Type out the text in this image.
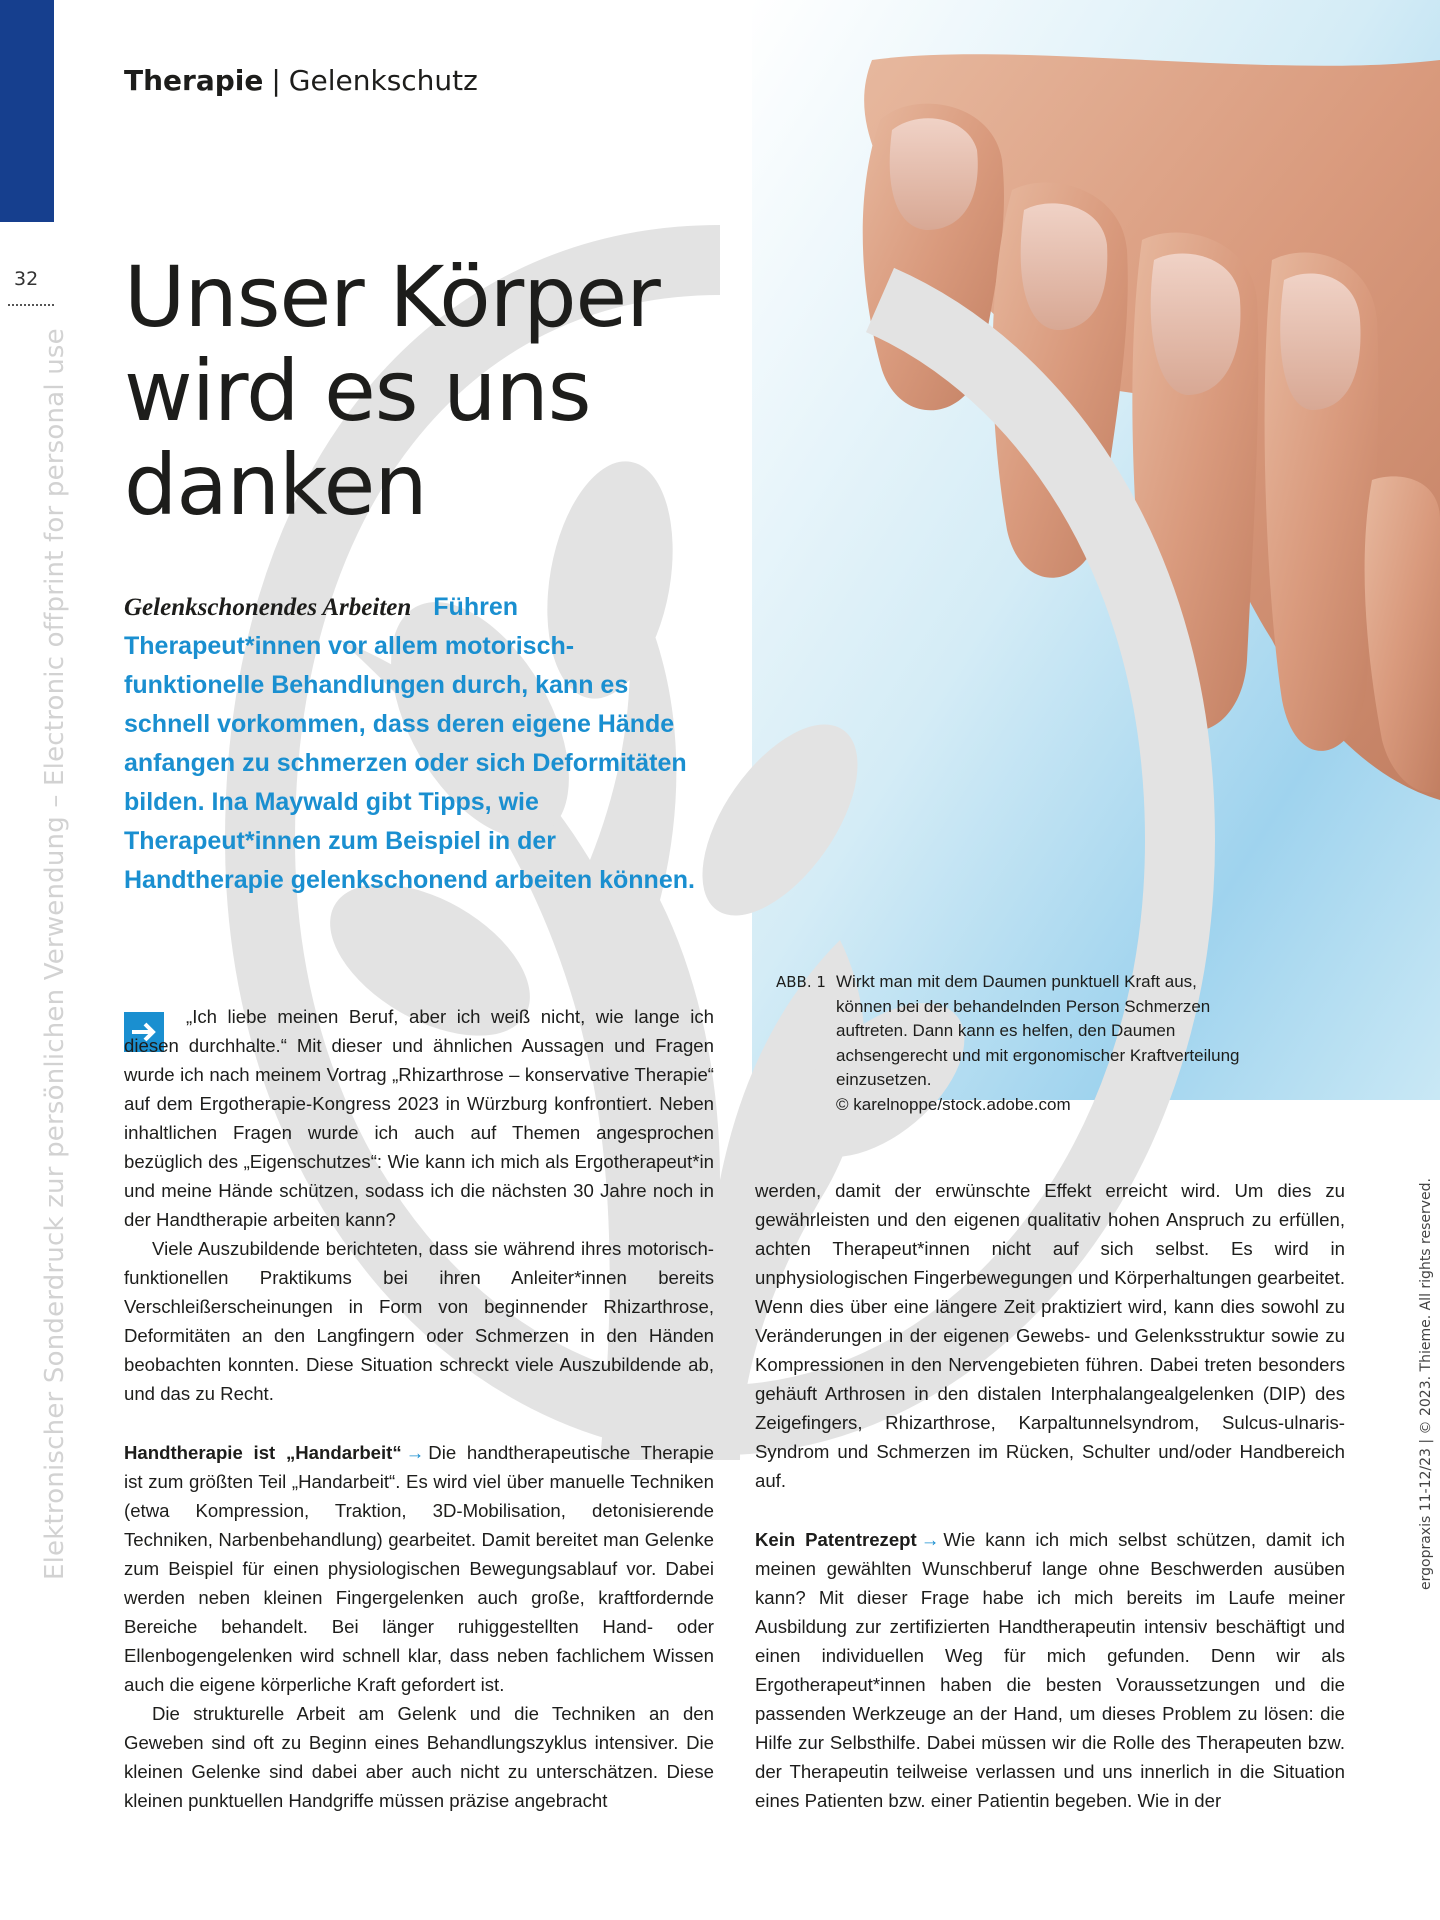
32
Therapie | Gelenkschutz
Elektronischer Sonderdruck zur persönlichen Verwendung – Electronic offprint for personal use	ergopraxis 11-12/23 | © 2023. Thieme. All rights reserved.
Unser Körper
wird es uns
danken
Gelenkschonendes Arbeiten Führen Therapeut*innen vor allem motorisch-funktionelle Behandlungen durch, kann es schnell vorkommen, dass deren eigene Hände anfangen zu schmerzen oder sich Deformitäten bilden. Ina Maywald gibt Tipps, wie Therapeut*innen zum Beispiel in der Handtherapie gelenkschonend arbeiten können.
ABB. 1 Wirkt man mit dem Daumen punktuell Kraft aus, können bei der behandelnden Person Schmerzen auftreten. Dann kann es helfen, den Daumen achsengerecht und mit ergonomischer Kraftverteilung einzusetzen.
© karelnoppe/stock.adobe.com

„Ich liebe meinen Beruf, aber ich weiß nicht, wie lange ich diesen durchhalte.“ Mit dieser und ähnlichen Aussagen und Fragen wurde ich nach meinem Vortrag „Rhizarthrose – konservative Therapie“ auf dem Ergotherapie-Kongress 2023 in Würzburg konfrontiert. Neben inhaltlichen Fragen wurde ich auch auf Themen angesprochen bezüglich des „Eigenschutzes“: Wie kann ich mich als Ergotherapeut*in und meine Hände schützen, sodass ich die nächsten 30 Jahre noch in der Handtherapie arbeiten kann?

Viele Auszubildende berichteten, dass sie während ihres motorisch-funktionellen Praktikums bei ihren Anleiter*innen bereits Verschleißerscheinungen in Form von beginnender Rhizarthrose, Deformitäten an den Langfingern oder Schmerzen in den Händen beobachten konnten. Diese Situation schreckt viele Auszubildende ab, und das zu Recht.

Handtherapie ist „Handarbeit“ → Die handtherapeutische Therapie ist zum größten Teil „Handarbeit“. Es wird viel über manuelle Techniken (etwa Kompression, Traktion, 3D-Mobilisation, detonisierende Techniken, Narbenbehandlung) gearbeitet. Damit bereitet man Gelenke zum Beispiel für einen physiologischen Bewegungsablauf vor. Dabei werden neben kleinen Fingergelenken auch große, kraftfordernde Bereiche behandelt. Bei länger ruhiggestellten Hand- oder Ellenbogengelenken wird schnell klar, dass neben fachlichem Wissen auch die eigene körperliche Kraft gefordert ist.

Die strukturelle Arbeit am Gelenk und die Techniken an den Geweben sind oft zu Beginn eines Behandlungszyklus intensiver. Die kleinen Gelenke sind dabei aber auch nicht zu unterschätzen. Diese kleinen punktuellen Handgriffe müssen präzise angebracht

werden, damit der erwünschte Effekt erreicht wird. Um dies zu gewährleisten und den eigenen qualitativ hohen Anspruch zu erfüllen, achten Therapeut*innen nicht auf sich selbst. Es wird in unphysiologischen Fingerbewegungen und Körperhaltungen gearbeitet. Wenn dies über eine längere Zeit praktiziert wird, kann dies sowohl zu Veränderungen in der eigenen Gewebs- und Gelenksstruktur sowie zu Kompressionen in den Nervengebieten führen. Dabei treten besonders gehäuft Arthrosen in den distalen Interphalangealgelenken (DIP) des Zeigefingers, Rhizarthrose, Karpaltunnelsyndrom, Sulcus-ulnaris-Syndrom und Schmerzen im Rücken, Schulter und/oder Handbereich auf.

Kein Patentrezept → Wie kann ich mich selbst schützen, damit ich meinen gewählten Wunschberuf lange ohne Beschwerden ausüben kann? Mit dieser Frage habe ich mich bereits im Laufe meiner Ausbildung zur zertifizierten Handtherapeutin intensiv beschäftigt und einen individuellen Weg für mich gefunden. Denn wir als Ergotherapeut*innen haben die besten Voraussetzungen und die passenden Werkzeuge an der Hand, um dieses Problem zu lösen: die Hilfe zur Selbsthilfe. Dabei müssen wir die Rolle des Therapeuten bzw. der Therapeutin teilweise verlassen und uns innerlich in die Situation eines Patienten bzw. einer Patientin begeben. Wie in der
